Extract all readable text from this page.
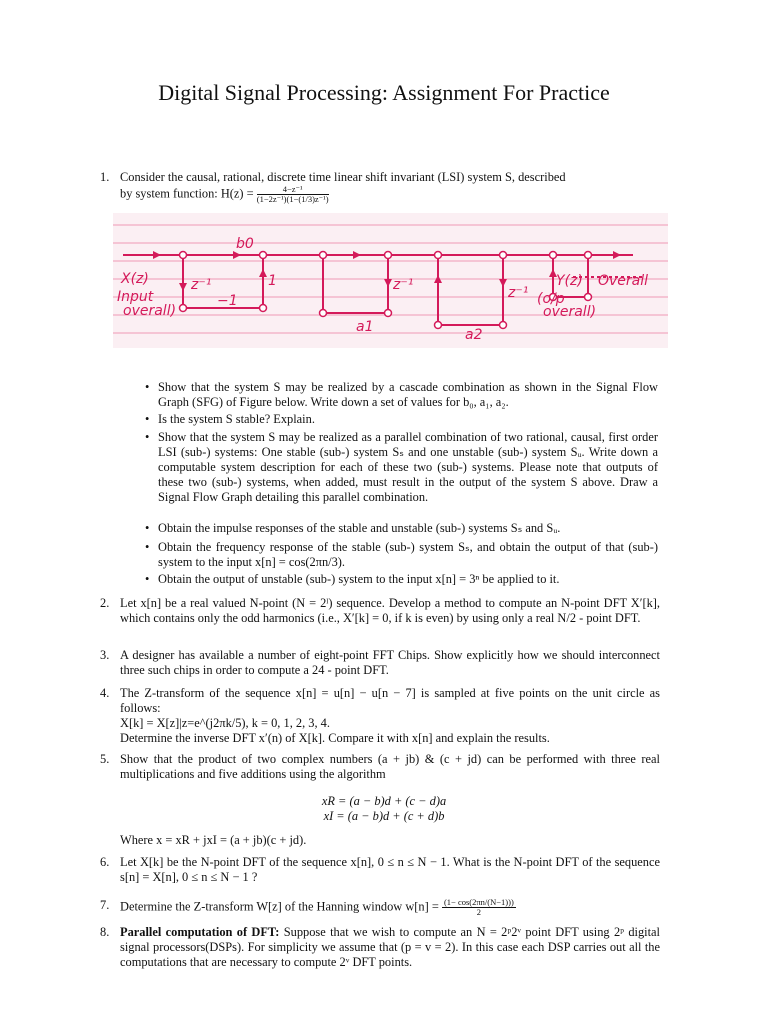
Digital Signal Processing: Assignment For Practice
1. Consider the causal, rational, discrete time linear shift invariant (LSI) system S, described
by system function: $H(z) = \frac{\text{4−z⁻¹}}{\text{(1−2z⁻¹)(1−(1/3)z⁻¹)}}$
X(z)
Input
overall)
b0
z⁻¹	1
−1
z⁻¹	z⁻¹
a1	a2
Y(z)
(o/p
overall)
Overall
• Show that the system S may be realized by a cascade combination as shown in the Signal Flow Graph (SFG) of Figure below. Write down a set of values for b₀, a₁, a₂.
• Is the system S stable? Explain.
• Show that the system S may be realized as a parallel combination of two rational, causal, first order LSI (sub-) systems: One stable (sub-) system Sₛ and one unstable (sub-) system Sᵤ. Write down a computable system description for each of these two (sub-) systems. Please note that outputs of these two (sub-) systems, when added, must result in the output of the system S above. Draw a Signal Flow Graph detailing this parallel combination.
• Obtain the impulse responses of the stable and unstable (sub-) systems Sₛ and Sᵤ.
• Obtain the frequency response of the stable (sub-) system Sₛ, and obtain the output of that (sub-) system to the input x[n] = cos(2πn/3).
• Obtain the output of unstable (sub-) system to the input x[n] = 3ⁿ be applied to it.
2. Let x[n] be a real valued N-point (N = 2ˡ) sequence. Develop a method to compute an N-point DFT X′[k], which contains only the odd harmonics (i.e., X′[k] = 0, if k is even) by using only a real N/2 - point DFT.
3. A designer has available a number of eight-point FFT Chips. Show explicitly how we should interconnect three such chips in order to compute a 24 - point DFT.
4. The Z-transform of the sequence x[n] = u[n] − u[n − 7] is sampled at five points on the unit circle as follows:
X[k] = X[z]|z=e^(j2πk/5), k = 0, 1, 2, 3, 4.
Determine the inverse DFT x′(n) of X[k]. Compare it with x[n] and explain the results.
5. Show that the product of two complex numbers (a + jb) & (c + jd) can be performed with three real multiplications and five additions using the algorithm
xR = (a − b)d + (c − d)a
xI = (a − b)d + (c + d)b
Where x = xR + jxI = (a + jb)(c + jd).
6. Let X[k] be the N-point DFT of the sequence x[n], 0 ≤ n ≤ N − 1. What is the N-point DFT of the sequence s[n] = X[n], 0 ≤ n ≤ N − 1 ?
7. Determine the Z-transform W[z] of the Hanning window $w[n] = \frac{(1- \cos(2\pi n/(N-1)))}{2}$
8. Parallel computation of DFT: Suppose that we wish to compute an N = 2ᵖ2ᵛ point DFT using 2ᵖ digital signal processors(DSPs). For simplicity we assume that (p = v = 2). In this case each DSP carries out all the computations that are necessary to compute 2ᵛ DFT points.
